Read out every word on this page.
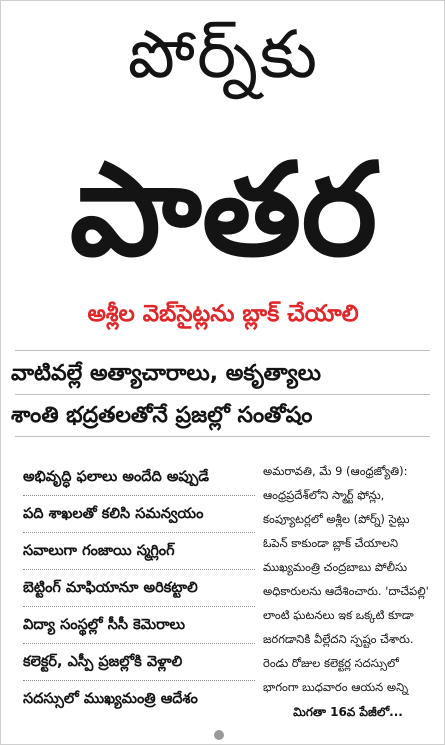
పోర్న్‌కు
పాతర
అశ్లీల వెబ్‌సైట్లను బ్లాక్ చేయాలి
వాటివల్లే అత్యాచారాలు, అకృత్యాలు
శాంతి భద్రతలతోనే ప్రజల్లో సంతోషం
అభివృద్ధి ఫలాలు అందేది అప్పుడే
పది శాఖలతో కలిసి సమన్వయం
సవాలుగా గంజాయి స్మగ్లింగ్
బెట్టింగ్ మాఫియానూ అరికట్టాలి
విద్యా సంస్థల్లో సీసీ కెమెరాలు
కలెక్టర్, ఎస్పీ ప్రజల్లోకి వెళ్లాలి
సదస్సులో ముఖ్యమంత్రి ఆదేశం
అమరావతి, మే 9 (ఆంధ్రజ్యోతి): ఆంధ్రప్రదేశ్‌లోని స్మార్ట్ ఫోన్లు, కంప్యూటర్లలో అశ్లీల (పోర్న్) సైట్లు ఓపెన్ కాకుండా బ్లాక్ చేయాలని ముఖ్యమంత్రి చంద్రబాబు పోలీసు అధికారులను ఆదేశించారు. 'దాచేపల్లి' లాంటి ఘటనలు ఇక ఒక్కటి కూడా జరగడానికి వీల్లేదని స్పష్టం చేశారు. రెండు రోజుల కలెక్టర్ల సదస్సులో భాగంగా బుధవారం ఆయన అన్ని
మిగతా 16వ పేజీలో...
